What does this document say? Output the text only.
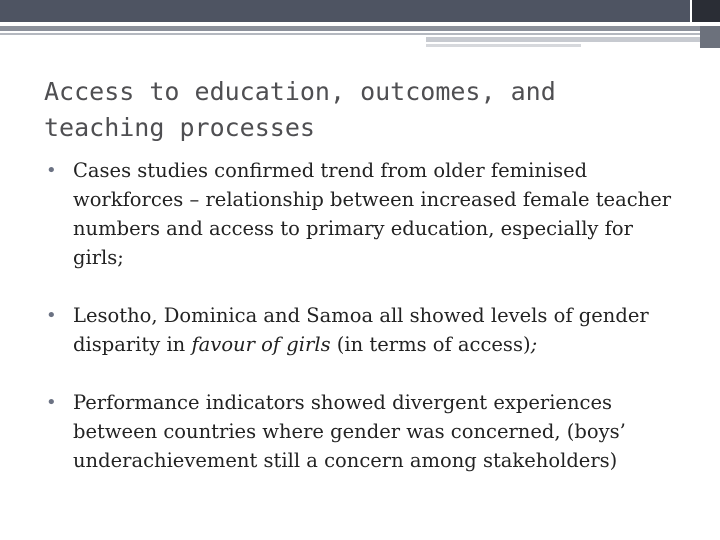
Access to education, outcomes, and teaching processes
• Cases studies confirmed trend from older feminised workforces – relationship between increased female teacher numbers and access to primary education, especially for girls;
• Lesotho, Dominica and Samoa all showed levels of gender disparity in favour of girls (in terms of access);
• Performance indicators showed divergent experiences between countries where gender was concerned, (boys’ underachievement still a concern among stakeholders)
